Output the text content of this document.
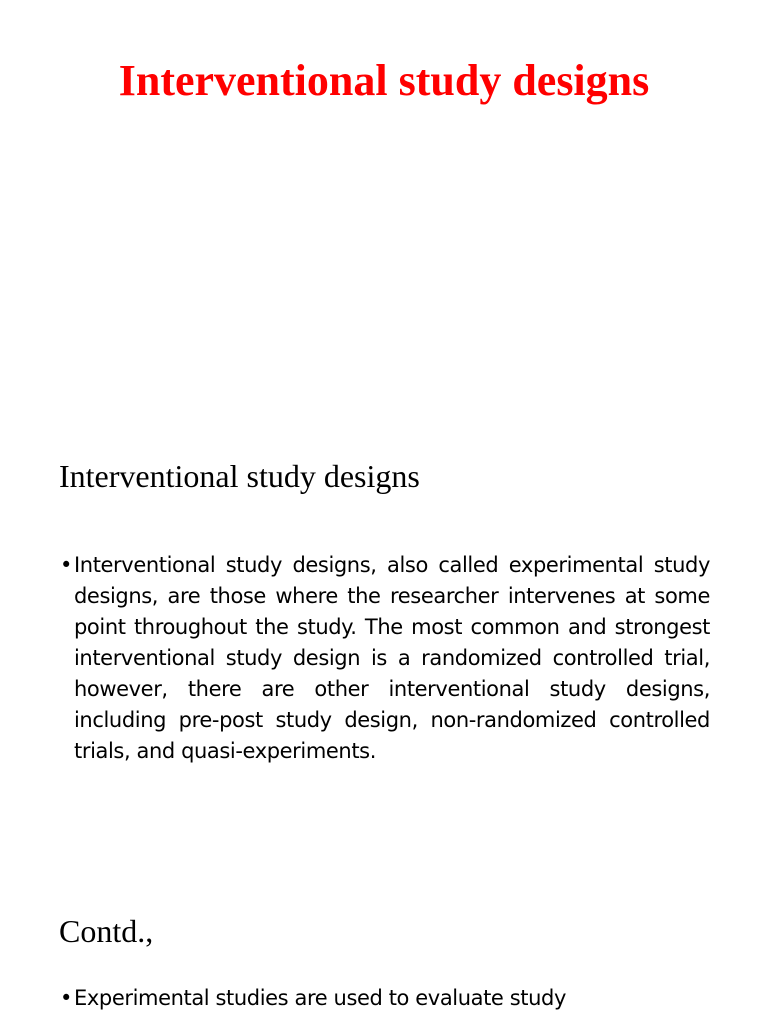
Interventional study designs
Interventional study designs
• Interventional study designs, also called experimental study designs, are those where the researcher intervenes at some point throughout the study. The most common and strongest interventional study design is a randomized controlled trial, however, there are other interventional study designs, including pre-post study design, non-randomized controlled trials, and quasi-experiments.
Contd.,
• Experimental studies are used to evaluate study
